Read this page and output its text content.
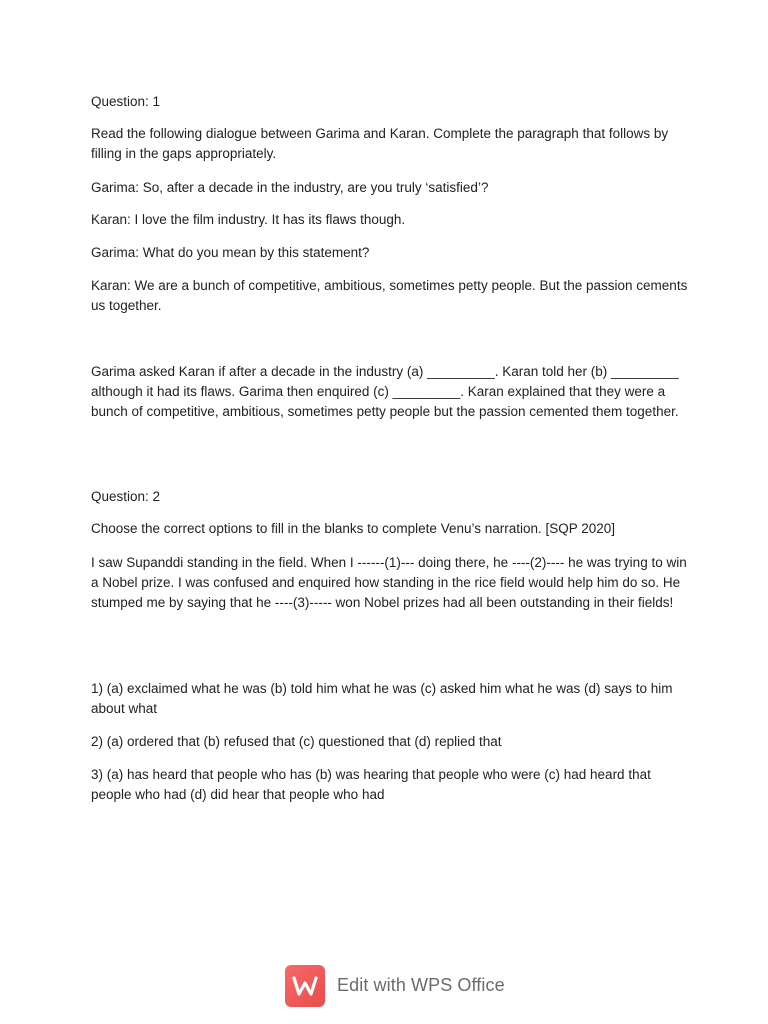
Question: 1

Read the following dialogue between Garima and Karan. Complete the paragraph that follows by filling in the gaps appropriately.

Garima: So, after a decade in the industry, are you truly ‘satisfied’?

Karan: I love the film industry. It has its flaws though.

Garima: What do you mean by this statement?

Karan: We are a bunch of competitive, ambitious, sometimes petty people. But the passion cements us together.

Garima asked Karan if after a decade in the industry (a) _________. Karan told her (b) _________ although it had its flaws. Garima then enquired (c) _________. Karan explained that they were a bunch of competitive, ambitious, sometimes petty people but the passion cemented them together.

Question: 2

Choose the correct options to fill in the blanks to complete Venu’s narration. [SQP 2020]

I saw Supanddi standing in the field. When I ------(1)--- doing there, he ----(2)---- he was trying to win a Nobel prize. I was confused and enquired how standing in the rice field would help him do so. He stumped me by saying that he ----(3)----- won Nobel prizes had all been outstanding in their fields!

1) (a) exclaimed what he was (b) told him what he was (c) asked him what he was (d) says to him about what

2) (a) ordered that (b) refused that (c) questioned that (d) replied that

3) (a) has heard that people who has (b) was hearing that people who were (c) had heard that people who had (d) did hear that people who had

Edit with WPS Office
